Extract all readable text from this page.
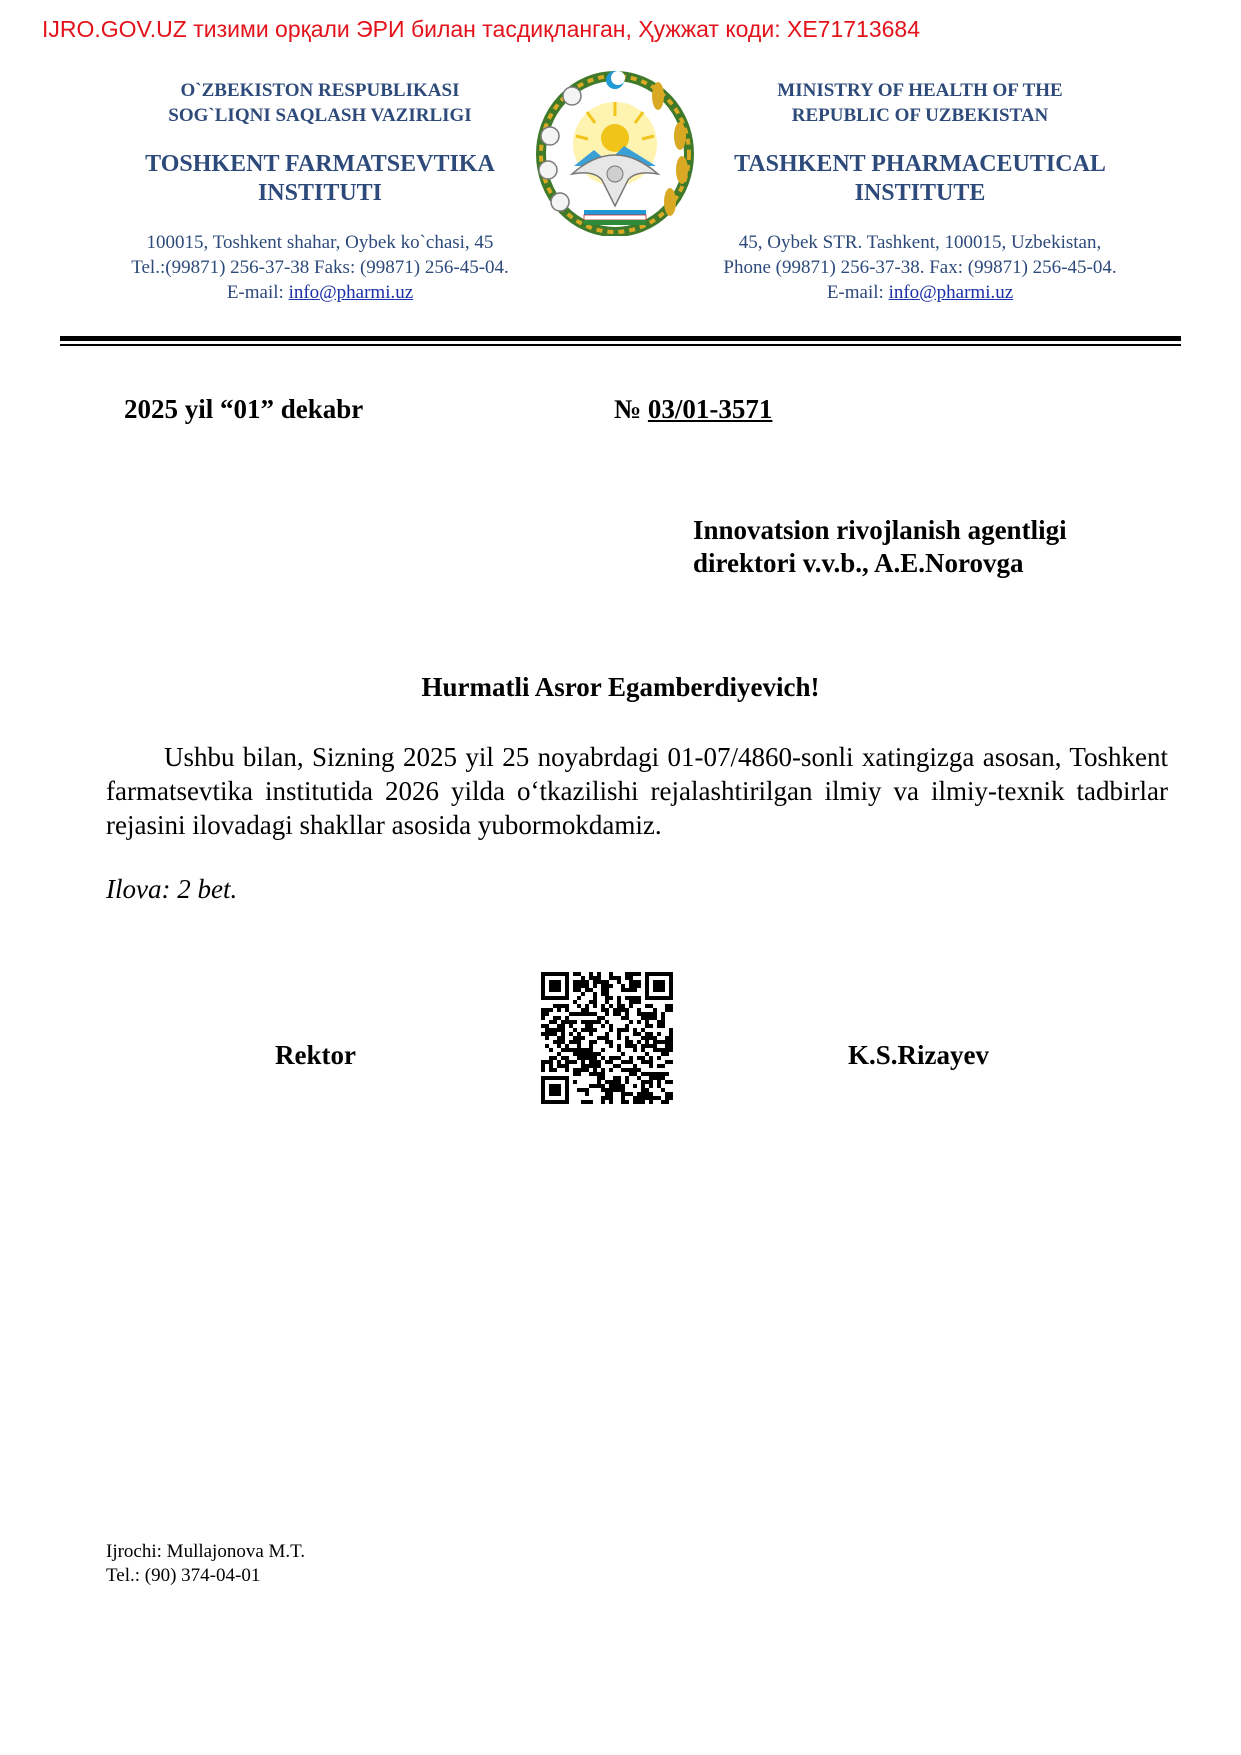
IJRO.GOV.UZ тизими орқали ЭРИ билан тасдиқланган, Ҳужжат коди: XE71713684
O`ZBEKISTON RESPUBLIKASI
SOG`LIQNI SAQLASH VAZIRLIGI
TOSHKENT FARMATSEVTIKA
INSTITUTI
100015, Toshkent shahar, Oybek ko`chasi, 45
Tel.:(99871) 256-37-38 Faks: (99871) 256-45-04.
E-mail: info@pharmi.uz
MINISTRY OF HEALTH OF THE
REPUBLIC OF UZBEKISTAN
TASHKENT PHARMACEUTICAL
INSTITUTE
45, Oybek STR. Tashkent, 100015, Uzbekistan,
Phone (99871) 256-37-38. Fax: (99871) 256-45-04.
E-mail: info@pharmi.uz
2025 yil “01” dekabr	№ 03/01-3571
Innovatsion rivojlanish agentligi
direktori v.v.b., A.E.Norovga
Hurmatli Asror Egamberdiyevich!
Ushbu bilan, Sizning 2025 yil 25 noyabrdagi 01-07/4860-sonli xatingizga asosan, Toshkent farmatsevtika institutida 2026 yilda o‘tkazilishi rejalashtirilgan ilmiy va ilmiy-texnik tadbirlar rejasini ilovadagi shakllar asosida yubormokdamiz.
Ilova: 2 bet.
Rektor	K.S.Rizayev
Ijrochi: Mullajonova M.T.
Tel.: (90) 374-04-01
